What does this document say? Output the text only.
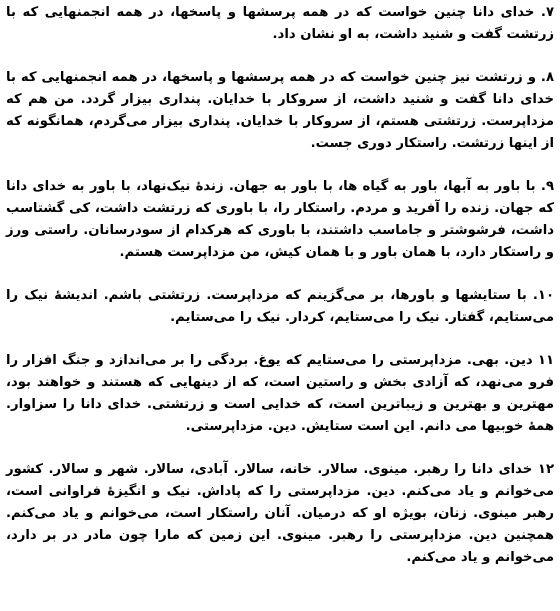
۷. خدای دانا چنین خواست که در همه پرسشها و پاسخها، در همه انجمنهایی که با زرتشت گفت و شنید داشت، به او نشان داد.

۸. و زرتشت نیز چنین خواست که در همه پرسشها و پاسخها، در همه انجمنهایی که با خدای دانا گفت و شنید داشت، از سروکار با خدایان. پنداری بیزار گردد. من هم که مزداپرست. زرتشتی هستم، از سروکار با خدایان. پنداری بیزار می‌گردم، همانگونه که از اینها زرتشت. راستکار دوری جست.

۹. با باور به آبها، باور به گیاه ها، با باور به جهان. زندهٔ نیک‌نهاد، با باور به خدای دانا که جهان. زنده را آفرید و مردم. راستکار را، با باوری که زرتشت داشت، کی گشتاسب داشت، فرشوشتر و جاماسب داشتند، با باوری که هرکدام از سودرسانان. راستی ورز و راستکار دارد، با همان باور و با همان کیش، من مزداپرست هستم.

۱۰. با ستایشها و باورها، بر می‌گزینم که مزداپرست. زرتشتی باشم. اندیشهٔ نیک را می‌ستایم، گفتار. نیک را می‌ستایم، کردار. نیک را می‌ستایم.

۱۱ دین. بهی. مزداپرستی را می‌ستایم که یوغ. بردگی را بر می‌اندازد و جنگ افزار را فرو می‌نهد، که آزادی بخش و راستین است، که از دینهایی که هستند و خواهند بود، مهترین و بهترین و زیباترین است، که خدایی است و زرتشتی. خدای دانا را سزاوار. همهٔ خوبیها می دانم. این است ستایش. دین. مزداپرستی.

۱۲ خدای دانا را رهبر. مینوی. سالار. خانه، سالار. آبادی، سالار. شهر و سالار. کشور می‌خوانم و یاد می‌کنم. دین. مزداپرستی را که پاداش. نیک و انگیزهٔ فراوانی است، رهبر مینوی. زنان، بویژه او که درمیان. آنان راستکار است، می‌خوانم و یاد می‌کنم. همچنین دین. مزداپرستی را رهبر. مینوی. این زمین که مارا چون مادر در بر دارد، می‌خوانم و یاد می‌کنم.
